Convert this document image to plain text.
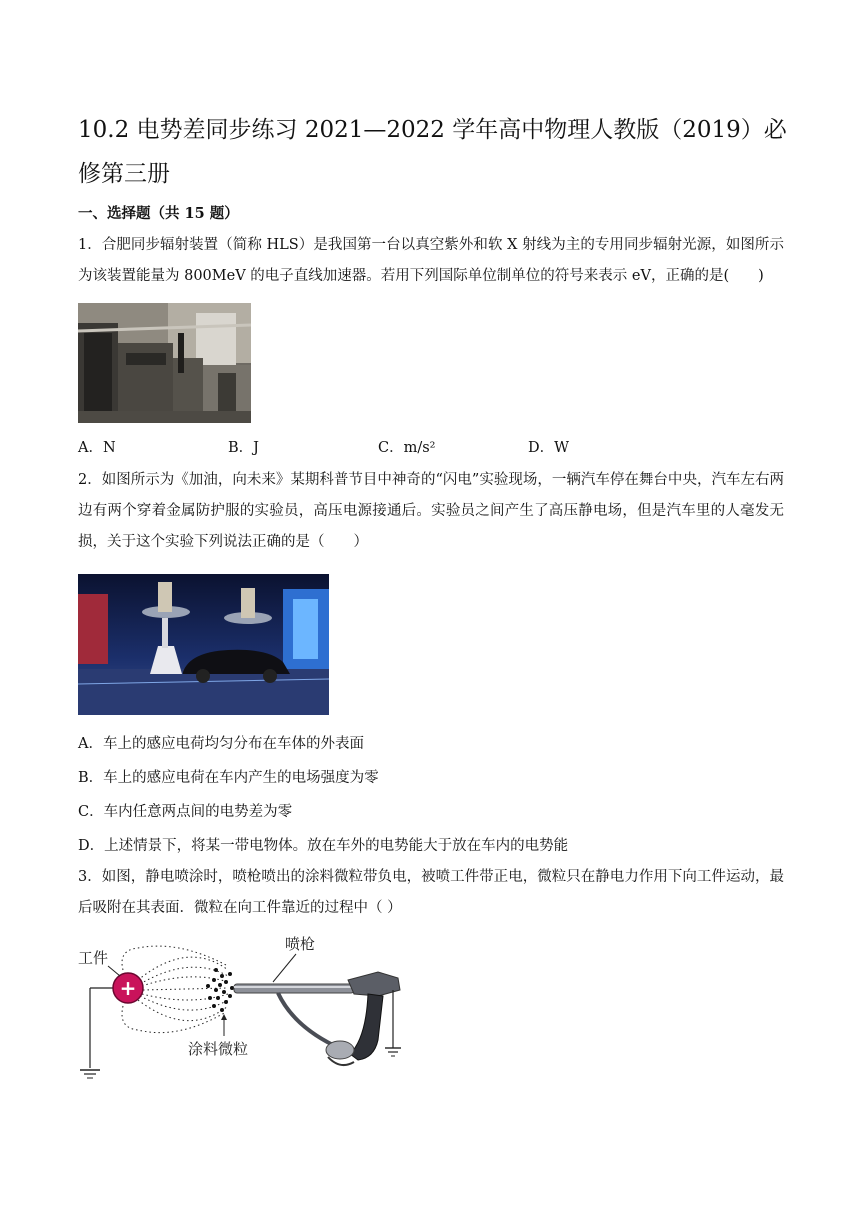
10.2 电势差同步练习 2021—2022 学年高中物理人教版（2019）必修第三册
一、选择题（共 15 题）
1．合肥同步辐射装置（简称 HLS）是我国第一台以真空紫外和软 X 射线为主的专用同步辐射光源，如图所示为该装置能量为 800MeV 的电子直线加速器。若用下列国际单位制单位的符号来表示 eV，正确的是(　　)
A．N	B．J	C．m/s²	D．W
2．如图所示为《加油，向未来》某期科普节目中神奇的“闪电”实验现场，一辆汽车停在舞台中央，汽车左右两边有两个穿着金属防护服的实验员，高压电源接通后。实验员之间产生了高压静电场，但是汽车里的人毫发无损，关于这个实验下列说法正确的是（　　）
A．车上的感应电荷均匀分布在车体的外表面
B．车上的感应电荷在车内产生的电场强度为零
C．车内任意两点间的电势差为零
D．上述情景下，将某一带电物体。放在车外的电势能大于放在车内的电势能
3．如图，静电喷涂时，喷枪喷出的涂料微粒带负电，被喷工件带正电，微粒只在静电力作用下向工件运动，最后吸附在其表面．微粒在向工件靠近的过程中（ ）
+
工件
喷枪
涂料微粒
